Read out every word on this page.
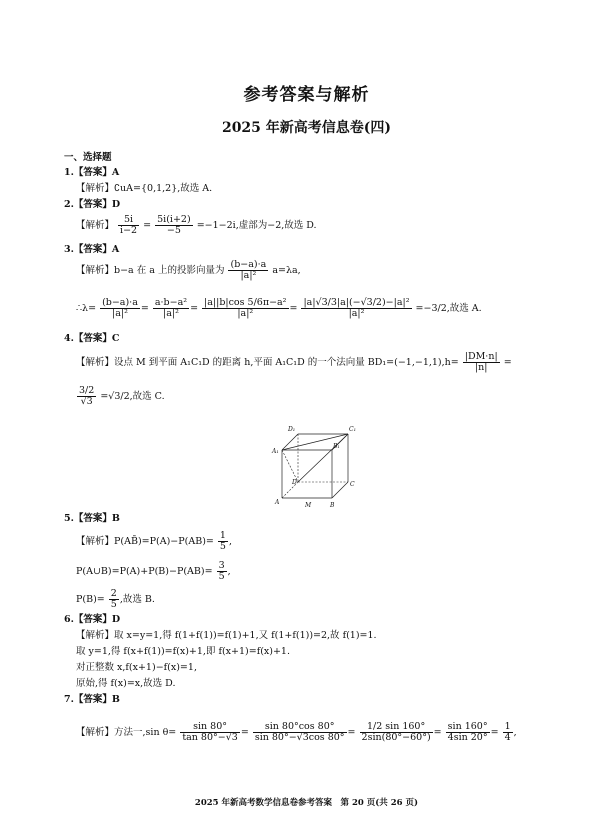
参考答案与解析
2025 年新高考信息卷(四)
一、选择题
1.【答案】A
【解析】∁uA={0,1,2},故选 A.
2.【答案】D
【解析】 $\frac{5i}{i-2} = \frac{5i(i+2)}{-5} =-1-2i$,虚部为−2,故选 D.
3.【答案】A
【解析】b−a 在 a 上的投影向量为 $\frac{(b-a)\cdot a}{\text{|a|²}} a=\lambda a$,
∴λ= $\frac{(b-a)\cdot a}{\text{|a|²}} = \frac{\text{a·b−a²}}{\text{|a|²}} = \frac{\text{|a||b|cos 5/6π−a²}}{\text{|a|²}} = \frac{\text{|a|√3/3|a|(−√3/2)−|a|²}}{\text{|a|²}} =-3/2$,故选 A.
4.【答案】C
【解析】设点 M 到平面 A₁C₁D 的距离 h,平面 A₁C₁D 的一个法向量 $BD_1=(-1,-1,1),h= \frac{|DM\cdot n|}{|n|}$ =
$\frac{3/2}{√3} =√3/2$,故选 C.
D₁	C₁
A₁
B₁
D	C
A	B
M
5.【答案】B
【解析】P(AB̄)=P(A)−P(AB)= $\frac{1}{5}$ ,
P(A∪B)=P(A)+P(B)−P(AB)= $\frac{3}{5}$ ,
$P(B)= \frac{2}{5}$ ,故选 B.
6.【答案】D
【解析】取 x=y=1,得 f(1+f(1))=f(1)+1,又 f(1+f(1))=2,故 f(1)=1.
取 y=1,得 f(x+f(1))=f(x)+1,即 f(x+1)=f(x)+1.
对正整数 x,f(x+1)−f(x)=1,
原始,得 f(x)=x,故选 D.
7.【答案】B
【解析】方法一,sin $\theta= \frac{\sin 80^\circ}{\tan 80^\circ-√3} = \frac{\sin 80^\circ\cos 80^\circ}{\sin 80^\circ-√3\cos 80^\circ} = \frac{1/2 \sin 160^\circ}{2\sin(80^\circ-60^\circ)} = \frac{\sin 160^\circ}{4\sin 20^\circ} = \frac{1}{4}$ ,
2025 年新高考数学信息卷参考答案　第 20 页(共 26 页)
